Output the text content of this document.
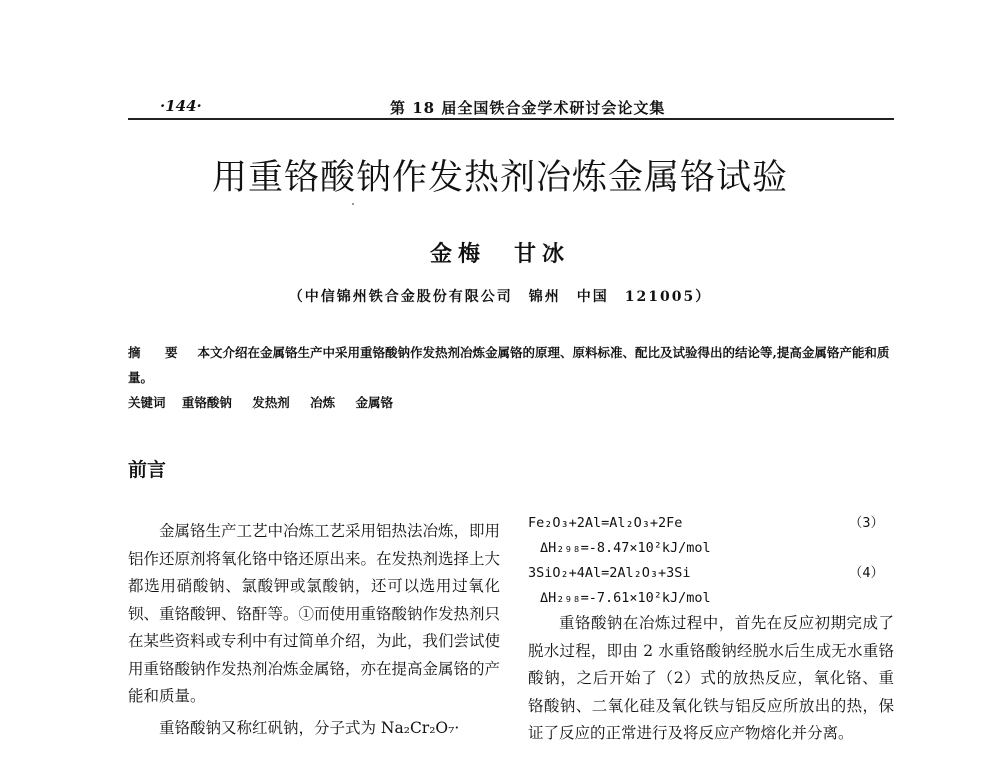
·144·	第 18 届全国铁合金学术研讨会论文集
用重铬酸钠作发热剂冶炼金属铬试验
金梅　甘冰
（中信锦州铁合金股份有限公司　锦州　中国　121005）
摘　要 本文介绍在金属铬生产中采用重铬酸钠作发热剂冶炼金属铬的原理、原料标准、配比及试验得出的结论等,提高金属铬产能和质量。
关键词 重铬酸钠 发热剂 冶炼 金属铬
前言

金属铬生产工艺中冶炼工艺采用铝热法冶炼，即用铝作还原剂将氧化铬中铬还原出来。在发热剂选择上大都选用硝酸钠、氯酸钾或氯酸钠，还可以选用过氧化钡、重铬酸钾、铬酐等。①而使用重铬酸钠作发热剂只在某些资料或专利中有过简单介绍，为此，我们尝试使用重铬酸钠作发热剂冶炼金属铬，亦在提高金属铬的产能和质量。

重铬酸钠又称红矾钠，分子式为 Na₂Cr₂O₇·

Fe₂O₃+2Al=Al₂O₃+2Fe	（3）
ΔH₂₉₈=-8.47×10²kJ/mol
3SiO₂+4Al=2Al₂O₃+3Si	（4）
ΔH₂₉₈=-7.61×10²kJ/mol

重铬酸钠在冶炼过程中，首先在反应初期完成了脱水过程，即由 2 水重铬酸钠经脱水后生成无水重铬酸钠，之后开始了（2）式的放热反应，氧化铬、重铬酸钠、二氧化硅及氧化铁与铝反应所放出的热，保证了反应的正常进行及将反应产物熔化并分离。
